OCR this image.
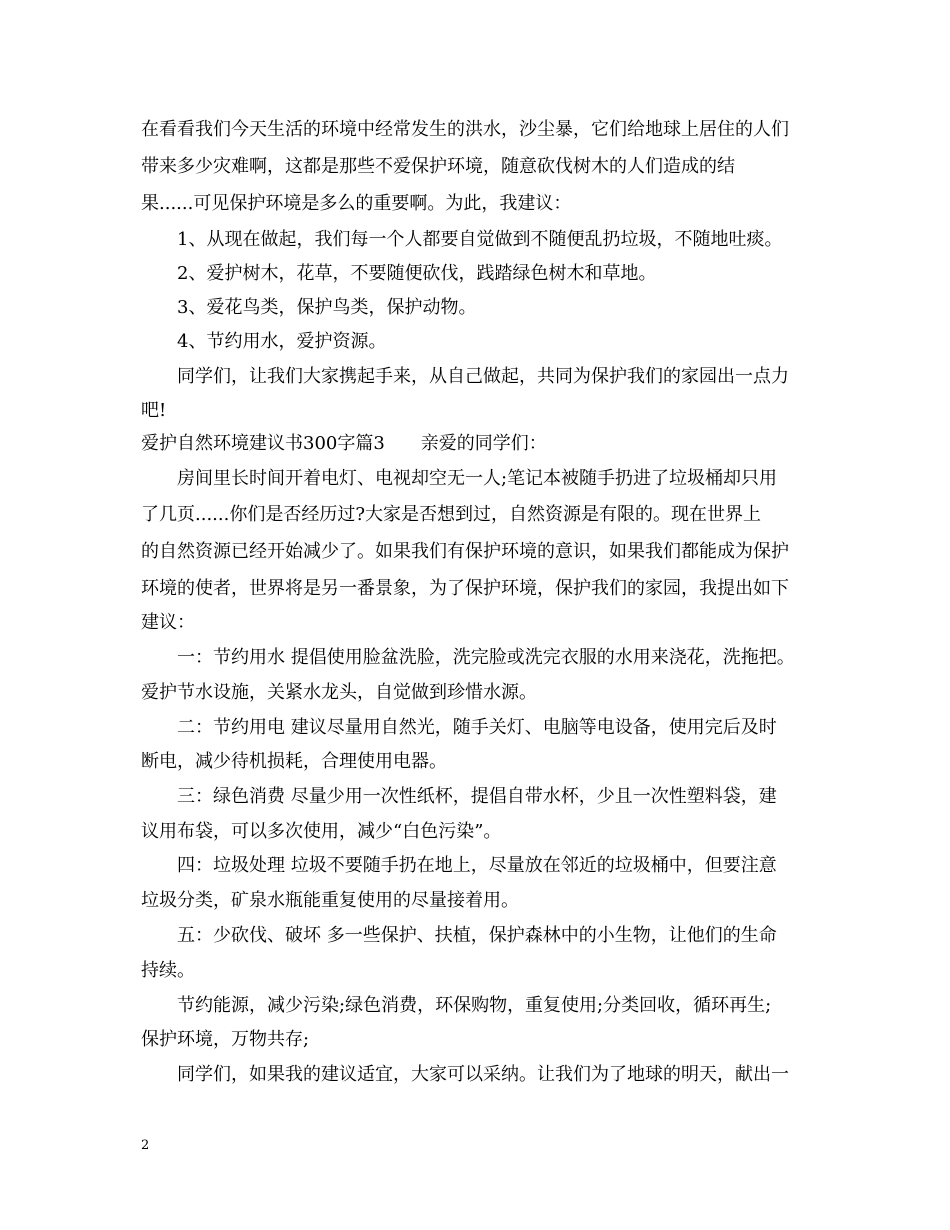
在看看我们今天生活的环境中经常发生的洪水，沙尘暴，它们给地球上居住的人们
带来多少灾难啊，这都是那些不爱保护环境，随意砍伐树木的人们造成的结
果......可见保护环境是多么的重要啊。为此，我建议：
1、从现在做起，我们每一个人都要自觉做到不随便乱扔垃圾，不随地吐痰。
2、爱护树木，花草，不要随便砍伐，践踏绿色树木和草地。
3、爱花鸟类，保护鸟类，保护动物。
4、节约用水，爱护资源。
同学们，让我们大家携起手来，从自己做起，共同为保护我们的家园出一点力
吧!
爱护自然环境建议书300字篇3　　亲爱的同学们：
房间里长时间开着电灯、电视却空无一人;笔记本被随手扔进了垃圾桶却只用
了几页......你们是否经历过?大家是否想到过，自然资源是有限的。现在世界上
的自然资源已经开始减少了。如果我们有保护环境的意识，如果我们都能成为保护
环境的使者，世界将是另一番景象，为了保护环境，保护我们的家园，我提出如下
建议：
一：节约用水 提倡使用脸盆洗脸，洗完脸或洗完衣服的水用来浇花，洗拖把。
爱护节水设施，关紧水龙头，自觉做到珍惜水源。
二：节约用电 建议尽量用自然光，随手关灯、电脑等电设备，使用完后及时
断电，减少待机损耗，合理使用电器。
三：绿色消费 尽量少用一次性纸杯，提倡自带水杯，少且一次性塑料袋，建
议用布袋，可以多次使用，减少“白色污染”。
四：垃圾处理 垃圾不要随手扔在地上，尽量放在邻近的垃圾桶中，但要注意
垃圾分类，矿泉水瓶能重复使用的尽量接着用。
五：少砍伐、破坏 多一些保护、扶植，保护森林中的小生物，让他们的生命
持续。
节约能源，减少污染;绿色消费，环保购物，重复使用;分类回收，循环再生;
保护环境，万物共存;
同学们，如果我的建议适宜，大家可以采纳。让我们为了地球的明天，献出一
2
